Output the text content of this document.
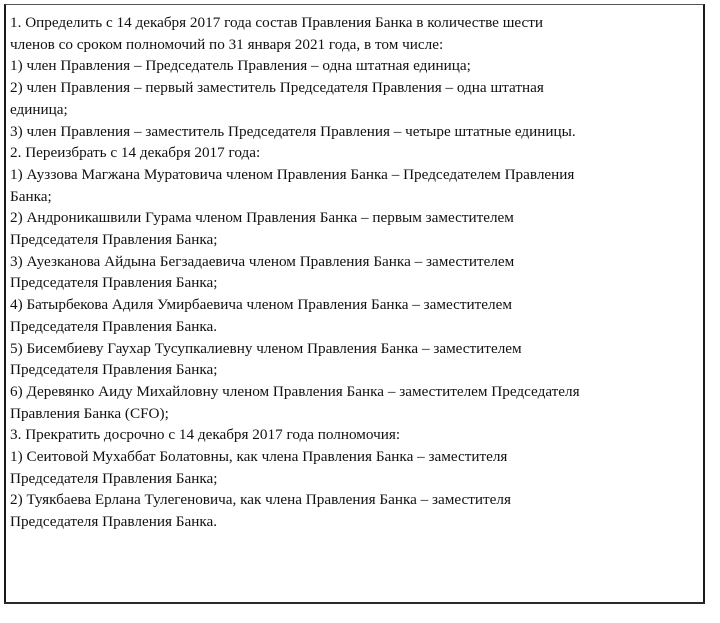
1. Определить с 14 декабря 2017 года состав Правления Банка в количестве шести
членов со сроком полномочий по 31 января 2021 года, в том числе:
1) член Правления – Председатель Правления – одна штатная единица;
2) член Правления – первый заместитель Председателя Правления – одна штатная
единица;
3) член Правления – заместитель Председателя Правления – четыре штатные единицы.
2. Переизбрать с 14 декабря 2017 года:
1) Ауззова Магжана Муратовича членом Правления Банка – Председателем Правления
Банка;
2) Андроникашвили Гурама членом Правления Банка – первым заместителем
Председателя Правления Банка;
3) Ауезканова Айдына Бегзадаевича членом Правления Банка – заместителем
Председателя Правления Банка;
4) Батырбекова Адиля Умирбаевича членом Правления Банка – заместителем
Председателя Правления Банка.
5) Бисембиеву Гаухар Тусупкалиевну членом Правления Банка – заместителем
Председателя Правления Банка;
6) Деревянко Аиду Михайловну членом Правления Банка – заместителем Председателя
Правления Банка (CFO);
3. Прекратить досрочно с 14 декабря 2017 года полномочия:
1) Сеитовой Мухаббат Болатовны, как члена Правления Банка – заместителя
Председателя Правления Банка;
2) Туякбаева Ерлана Тулегеновича, как члена Правления Банка – заместителя
Председателя Правления Банка.
